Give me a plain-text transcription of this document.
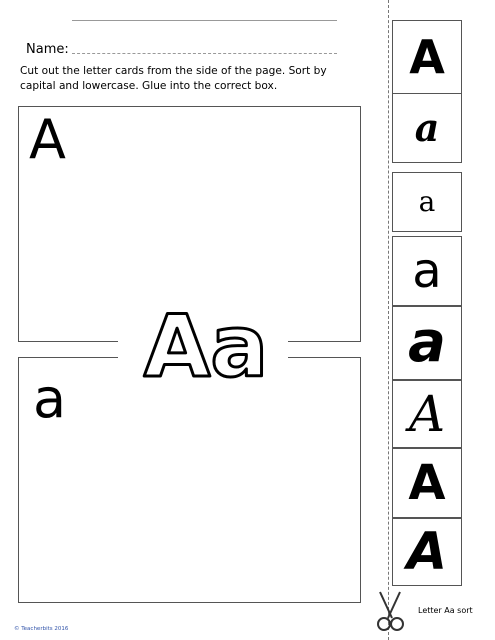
Name:
Cut out the letter cards from the side of the page. Sort by capital and lowercase. Glue into the correct box.
A
a
Aa
A
a
a
a
a
A
A
A
Letter Aa sort
© Teacherbits 2016
